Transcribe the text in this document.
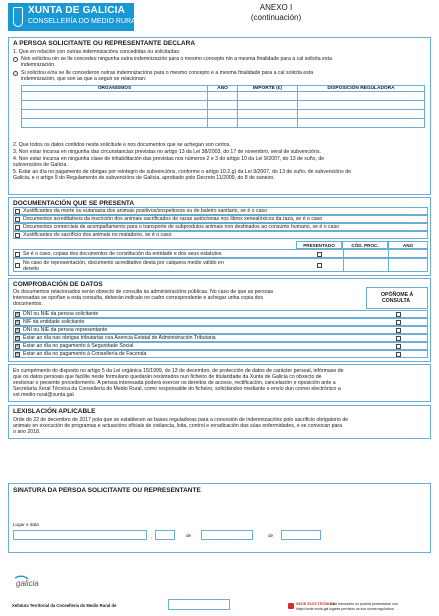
XUNTA DE GALICIA
CONSELLERÍA DO MEDIO RURAL
ANEXO I
(continuación)
A PERSOA SOLICITANTE OU REPRESENTANTE DECLARA
1. Que en relación con outras indemnizacións concedidas ou solicitadas:
Non solicitou nin se lle concedeu ningunha outra indemnización para o mesmo concepto nin a mesma finalidade para a cal solicita esta
indemnización.
Si solicitou e/ou se lle concederon outras indemnizacións para o mesmo concepto e a mesma finalidade para a cal solicita esta
indemnización, que son as que a seguir se relacionan:
ORGANISMOS	ANO	IMPORTE (€)	DISPOSICIÓN REGULADORA

2. Que todos os datos contidos nesta solicitude e nos documentos que se achegan son certos.
3. Non estar incursa en ningunha das circunstancias previstas no artigo 13 da Lei 38/2003, do 17 de novembro, xeral de subvencións.
4. Non estar incursa en ningunha clase de inhabilitación das previstas nos números 2 e 3 do artigo 10 da Lei 9/2007, do 13 de xuño, de
subvencións de Galicia.
5. Estar ao día no pagamento de obrigas por reintegro de subvencións, conforme o artigo 10.2.g) da Lei 9/2007, do 13 de xuño, de subvencións de
Galicia, e o artigo 9 do Regulamento de subvencións de Galicia, aprobado polo Decreto 11/2009, do 8 de xaneiro.
DOCUMENTACIÓN QUE SE PRESENTA
Xustificantes da morte ou eutanasia dos animais positivos/sospeitosos ou de baleiro sanitario, se é o caso
Documentos acreditativos da inscrición dos animais sacrificados de razas autóctonas nos libros xenealóxicos da raza, se é o caso
Documentos comerciais de acompañamento para o transporte de subprodutos animais non destinados ao consumo humano, se é o caso
Xustificantes do sacrificio dos animais no matadoiro, se é o caso
PRESENTADO	CÓD. PROC.	ANO
Se é o caso, copias dos documentos de constitución da entidade e dos seus estatutos
No caso de representación, documento acreditativo desta por calquera medio válido en
dereito
COMPROBACIÓN DE DATOS
Os documentos relacionados serán obxecto de consulta ás administracións públicas. No caso de que as persoas
interesadas se opoñan a esta consulta, deberán indicalo no cadro correspondente e achegar unha copia dos
documentos.
OPÓÑOME Á
CONSULTA
× DNI ou NIE da persoa solicitante
× NIF da entidade solicitante
× DNI ou NIE da persoa representante
× Estar ao día nas obrigas tributarias coa Axencia Estatal de Administración Tributaria
× Estar ao día no pagamento á Seguridade Social
× Estar ao día no pagamento á Consellería de Facenda
En cumprimento do disposto no artigo 5 da Lei orgánica 15/1999, do 13 de decembro, de protección de datos de carácter persoal, infórmase de
que os datos persoais que facilite neste formulario quedarán rexistrados nun ficheiro de titularidade da Xunta de Galicia co obxecto de
xestionar o presente procedemento. A persoa interesada poderá exercer os dereitos de acceso, rectificación, cancelación e oposición ante a
Secretaría Xeral Técnica da Consellería do Medio Rural, como responsable do ficheiro, solicitándoo mediante o envío dun correo electrónico a
sxt.medio-rural@xunta.gal
LEXISLACIÓN APLICABLE
Orde do 22 de decembro de 2017 pola que se establecen as bases reguladoras para a concesión de indemnizacións polo sacrificio obrigatorio de
animais en execución de programas e actuacións oficiais de vixilancia, loita, control e erradicación das súas enfermidades, e se convocan para
o ano 2018.
SINATURA DA PERSOA SOLICITANTE OU REPRESENTANTE
Lugar e data
,	de	de
galicia
Xefatura Territorial da Consellería do Medio Rural de	SEDE ELECTRÓNICA
Este formulario só poderá presentarse nos
https://sede.xunta.gal lugares previstos na súa norma reguladora
